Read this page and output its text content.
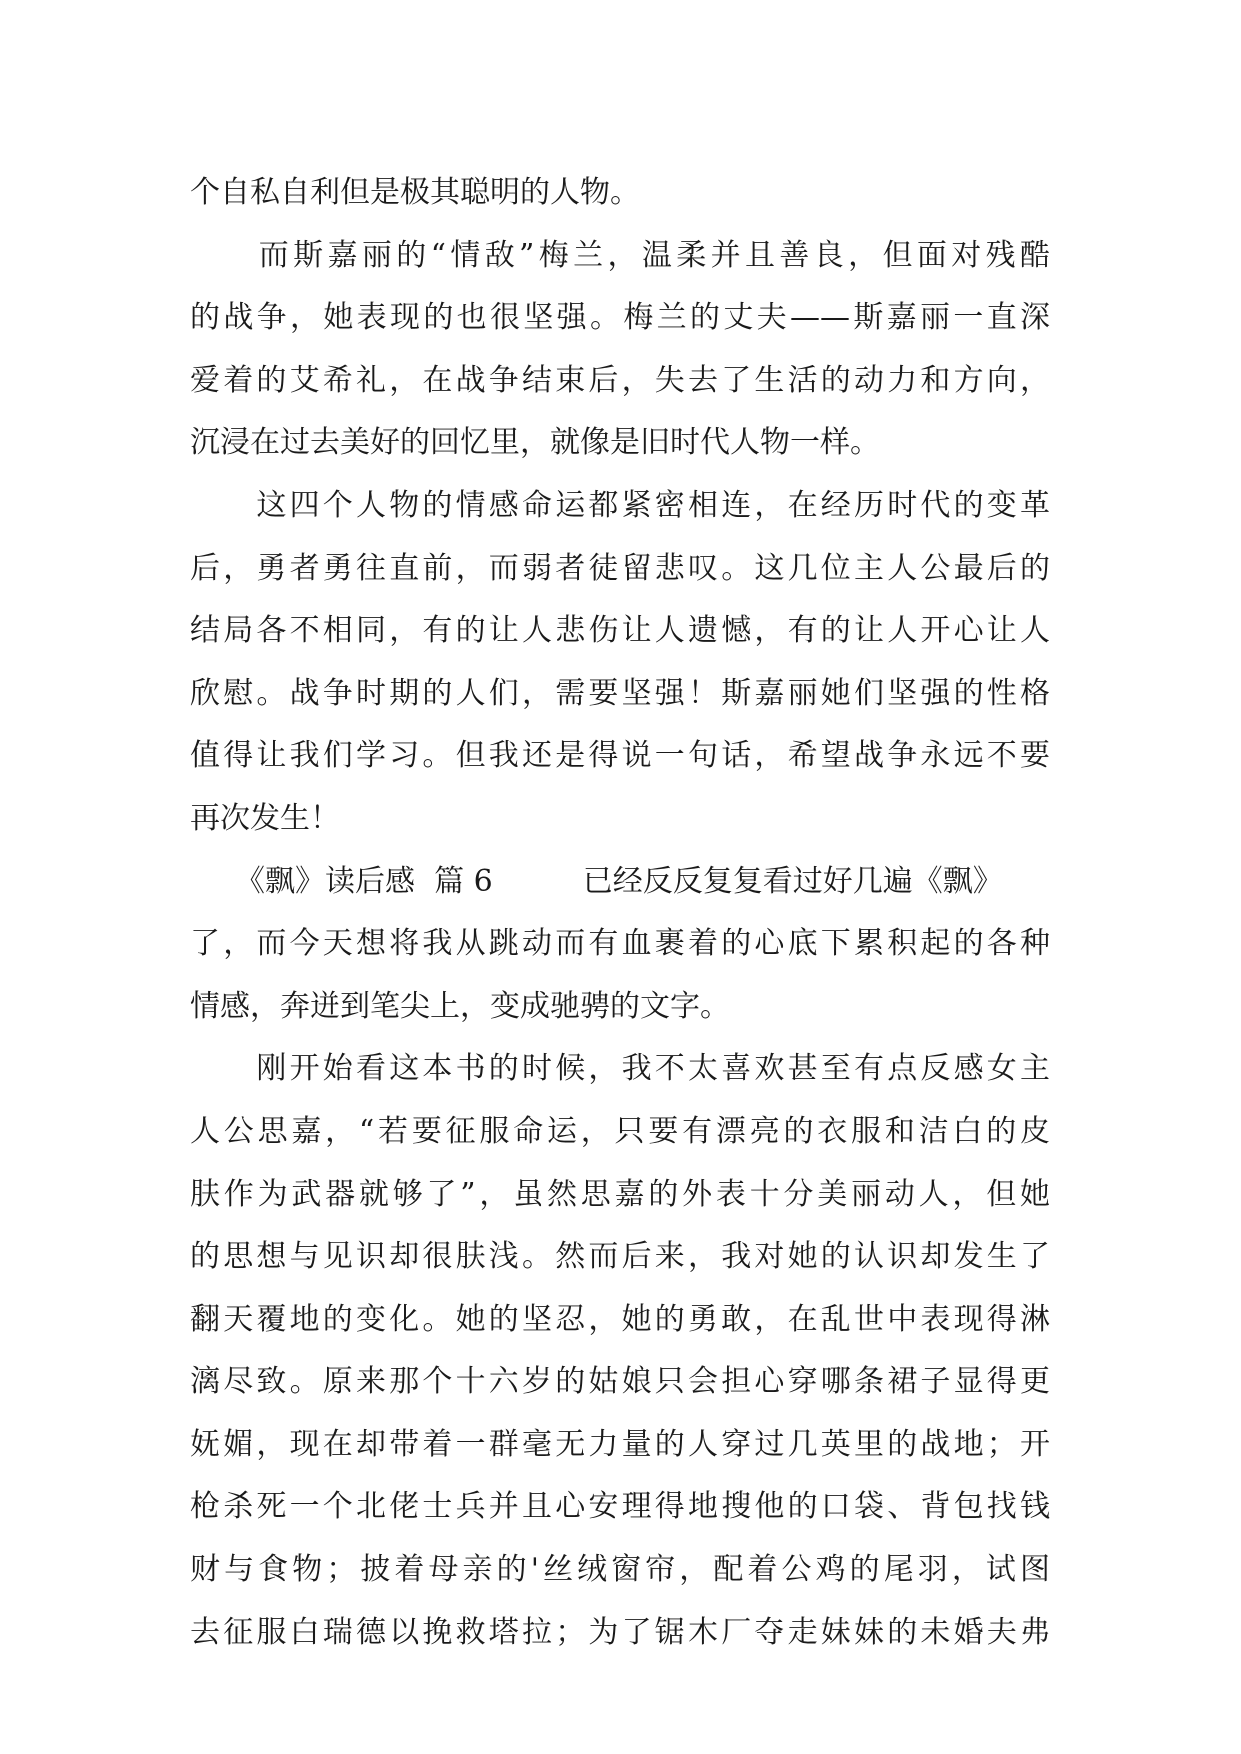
个自私自利但是极其聪明的人物。
　　而斯嘉丽的“情敌”梅兰，温柔并且善良，但面对残酷
的战争，她表现的也很坚强。梅兰的丈夫——斯嘉丽一直深
爱着的艾希礼，在战争结束后，失去了生活的动力和方向，
沉浸在过去美好的回忆里，就像是旧时代人物一样。
　　这四个人物的情感命运都紧密相连，在经历时代的变革
后，勇者勇往直前，而弱者徒留悲叹。这几位主人公最后的
结局各不相同，有的让人悲伤让人遗憾，有的让人开心让人
欣慰。战争时期的人们，需要坚强！斯嘉丽她们坚强的性格
值得让我们学习。但我还是得说一句话，希望战争永远不要
再次发生！
　　《飘》读后感  篇 6　　　已经反反复复看过好几遍《飘》
了，而今天想将我从跳动而有血裹着的心底下累积起的各种
情感，奔迸到笔尖上，变成驰骋的文字。
　　刚开始看这本书的时候，我不太喜欢甚至有点反感女主
人公思嘉，“若要征服命运，只要有漂亮的衣服和洁白的皮
肤作为武器就够了”，虽然思嘉的外表十分美丽动人，但她
的思想与见识却很肤浅。然而后来，我对她的认识却发生了
翻天覆地的变化。她的坚忍，她的勇敢，在乱世中表现得淋
漓尽致。原来那个十六岁的姑娘只会担心穿哪条裙子显得更
妩媚，现在却带着一群毫无力量的人穿过几英里的战地；开
枪杀死一个北佬士兵并且心安理得地搜他的口袋、背包找钱
财与食物；披着母亲的'丝绒窗帘，配着公鸡的尾羽，试图
去征服白瑞德以挽救塔拉；为了锯木厂夺走妹妹的未婚夫弗
